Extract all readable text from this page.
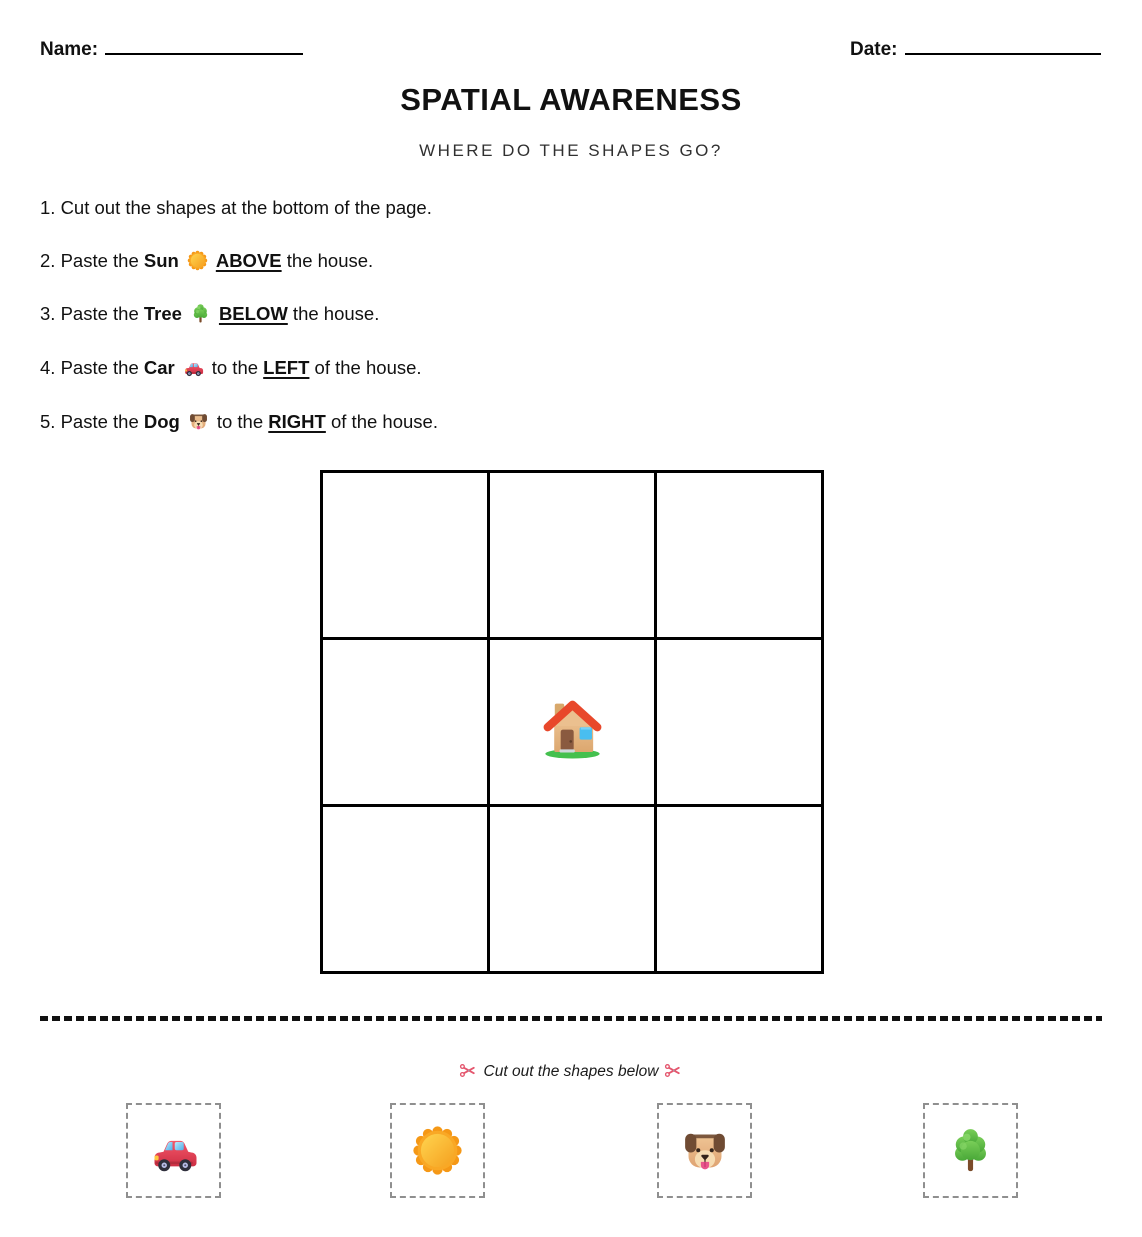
Name:	Date:
SPATIAL AWARENESS
WHERE DO THE SHAPES GO?
1. Cut out the shapes at the bottom of the page.
2. Paste the Sun ABOVE the house.
3. Paste the Tree BELOW the house.
4. Paste the Car to the LEFT of the house.
5. Paste the Dog to the RIGHT of the house.

Cut out the shapes below
